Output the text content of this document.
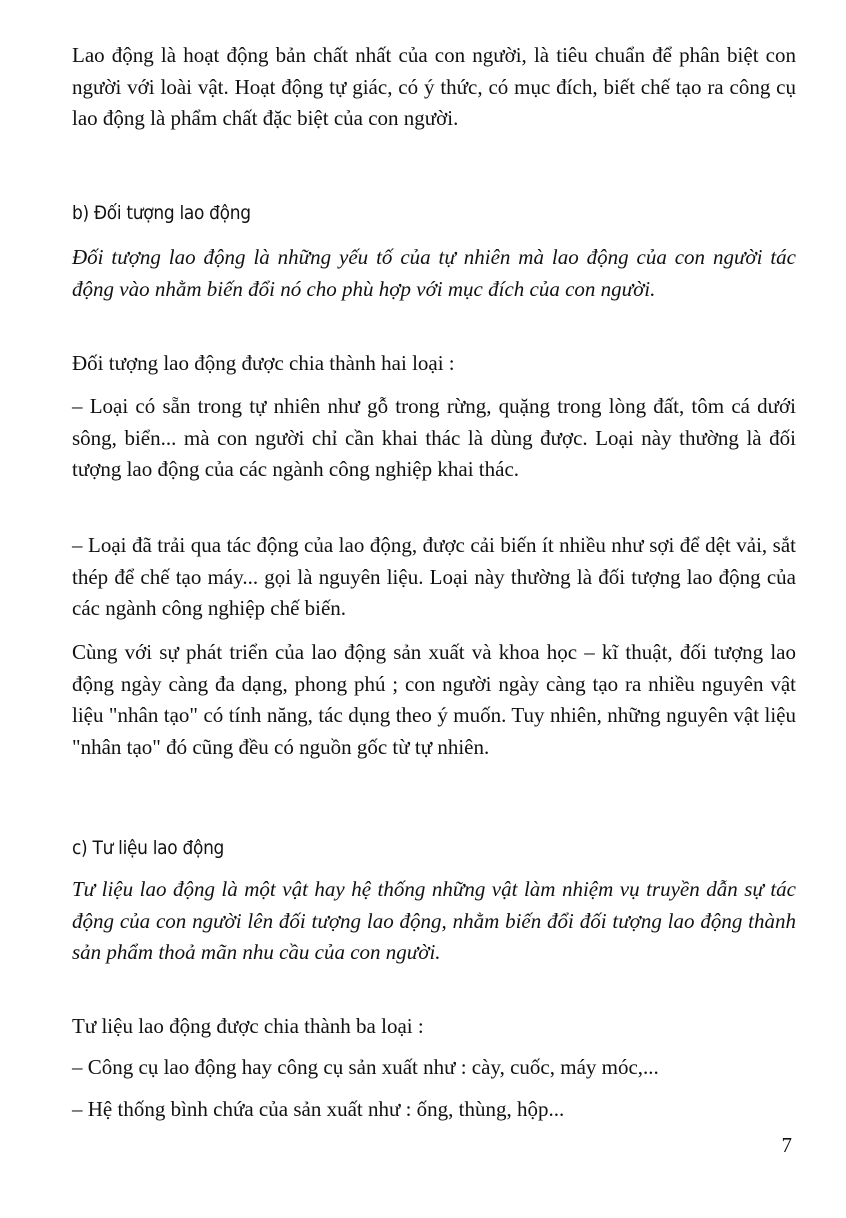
Lao động là hoạt động bản chất nhất của con người, là tiêu chuẩn để phân biệt con người với loài vật. Hoạt động tự giác, có ý thức, có mục đích, biết chế tạo ra công cụ lao động là phẩm chất đặc biệt của con người.

b) Đối tượng lao động

Đối tượng lao động là những yếu tố của tự nhiên mà lao động của con người tác động vào nhằm biến đổi nó cho phù hợp với mục đích của con người.

Đối tượng lao động được chia thành hai loại :

– Loại có sẵn trong tự nhiên như gỗ trong rừng, quặng trong lòng đất, tôm cá dưới sông, biển... mà con người chỉ cần khai thác là dùng được. Loại này thường là đối tượng lao động của các ngành công nghiệp khai thác.

– Loại đã trải qua tác động của lao động, được cải biến ít nhiều như sợi để dệt vải, sắt thép để chế tạo máy... gọi là nguyên liệu. Loại này thường là đối tượng lao động của các ngành công nghiệp chế biến.

Cùng với sự phát triển của lao động sản xuất và khoa học – kĩ thuật, đối tượng lao động ngày càng đa dạng, phong phú ; con người ngày càng tạo ra nhiều nguyên vật liệu "nhân tạo" có tính năng, tác dụng theo ý muốn. Tuy nhiên, những nguyên vật liệu "nhân tạo" đó cũng đều có nguồn gốc từ tự nhiên.

c) Tư liệu lao động

Tư liệu lao động là một vật hay hệ thống những vật làm nhiệm vụ truyền dẫn sự tác động của con người lên đối tượng lao động, nhằm biến đổi đối tượng lao động thành sản phẩm thoả mãn nhu cầu của con người.

Tư liệu lao động được chia thành ba loại :

– Công cụ lao động hay công cụ sản xuất như : cày, cuốc, máy móc,...

– Hệ thống bình chứa của sản xuất như : ống, thùng, hộp...

7
